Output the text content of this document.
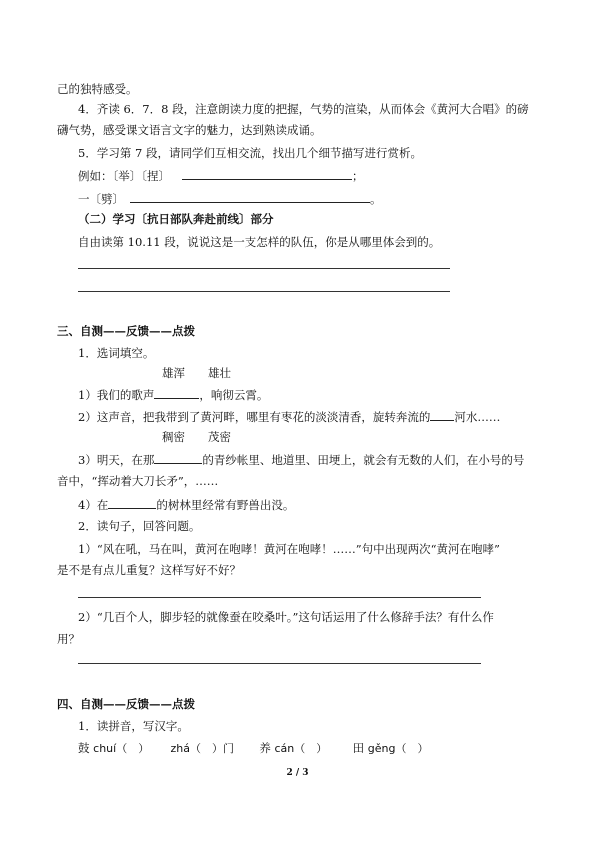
己的独特感受。
4．齐读 6．7．8 段，注意朗读力度的把握，气势的渲染，从而体会《黄河大合唱》的磅
礴气势，感受课文语言文字的魅力，达到熟读成诵。
5．学习第 7 段，请同学们互相交流，找出几个细节描写进行赏析。
例如：〔举〕〔捏〕	；
一〔劈〕	。
（二）学习〔抗日部队奔赴前线〕部分
自由读第 10.11 段，说说这是一支怎样的队伍，你是从哪里体会到的。
三、自测——反馈——点拨
1．选词填空。
雄浑　　雄壮
1）我们的歌声	，响彻云霄。
2）这声音，把我带到了黄河畔，哪里有枣花的淡淡清香，旋转奔流的 河水……
稠密　　茂密
3）明天，在那	的青纱帐里、地道里、田埂上，就会有无数的人们，在小号的号
音中，“挥动着大刀长矛”，……
4）在	的树林里经常有野兽出没。
2．读句子，回答问题。
1）“风在吼，马在叫，黄河在咆哮！黄河在咆哮！……”句中出现两次“黄河在咆哮”
是不是有点儿重复？这样写好不好？
2）“几百个人，脚步轻的就像蚕在咬桑叶。”这句话运用了什么修辞手法？有什么作
用？
四、自测——反馈——点拨
1．读拼音，写汉字。
鼓 chuí（　） zhá（　）门 养 cán（　） 田 gěng（　）
2 / 3
